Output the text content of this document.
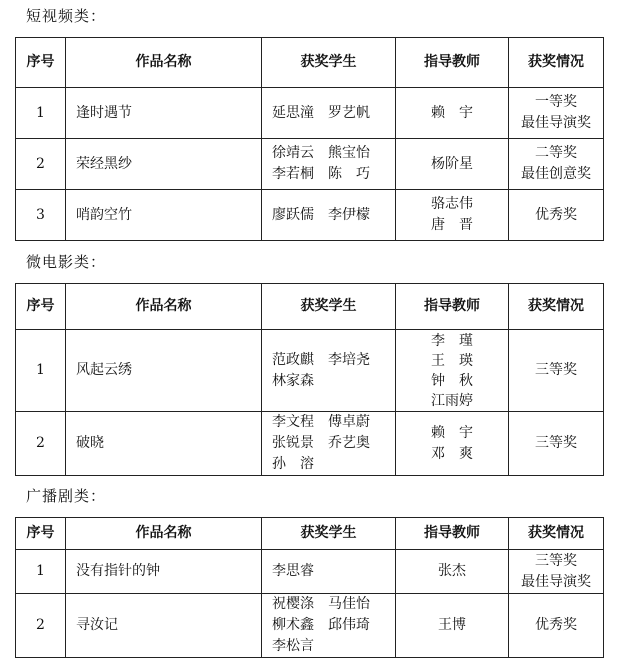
短视频类：
序号	作品名称	获奖学生	指导教师	获奖情况
1	逢时遇节	延思潼　罗艺帆	赖　宇	一等奖
最佳导演奖

2	荣经黑纱	徐靖云　熊宝怡
李若桐　陈　巧	杨阶星	二等奖
最佳创意奖

3	哨韵空竹	廖跃儒　李伊檬	骆志伟
唐　晋	优秀奖
微电影类：
序号	作品名称	获奖学生	指导教师	获奖情况
1	风起云绣	范政麒　李培尧
林家森	李　瑾
王　瑛
钟　秋
江雨婷	三等奖

2	破晓	李文程　傅卓蔚
张锐景　乔艺奥
孙　溶	赖　宇
邓　爽	三等奖
广播剧类：
序号	作品名称	获奖学生	指导教师	获奖情况
1	没有指针的钟	李思睿	张杰	三等奖
最佳导演奖

2	寻汝记	祝樱涤　马佳怡
柳术鑫　邱伟琦
李松言	王博	优秀奖
